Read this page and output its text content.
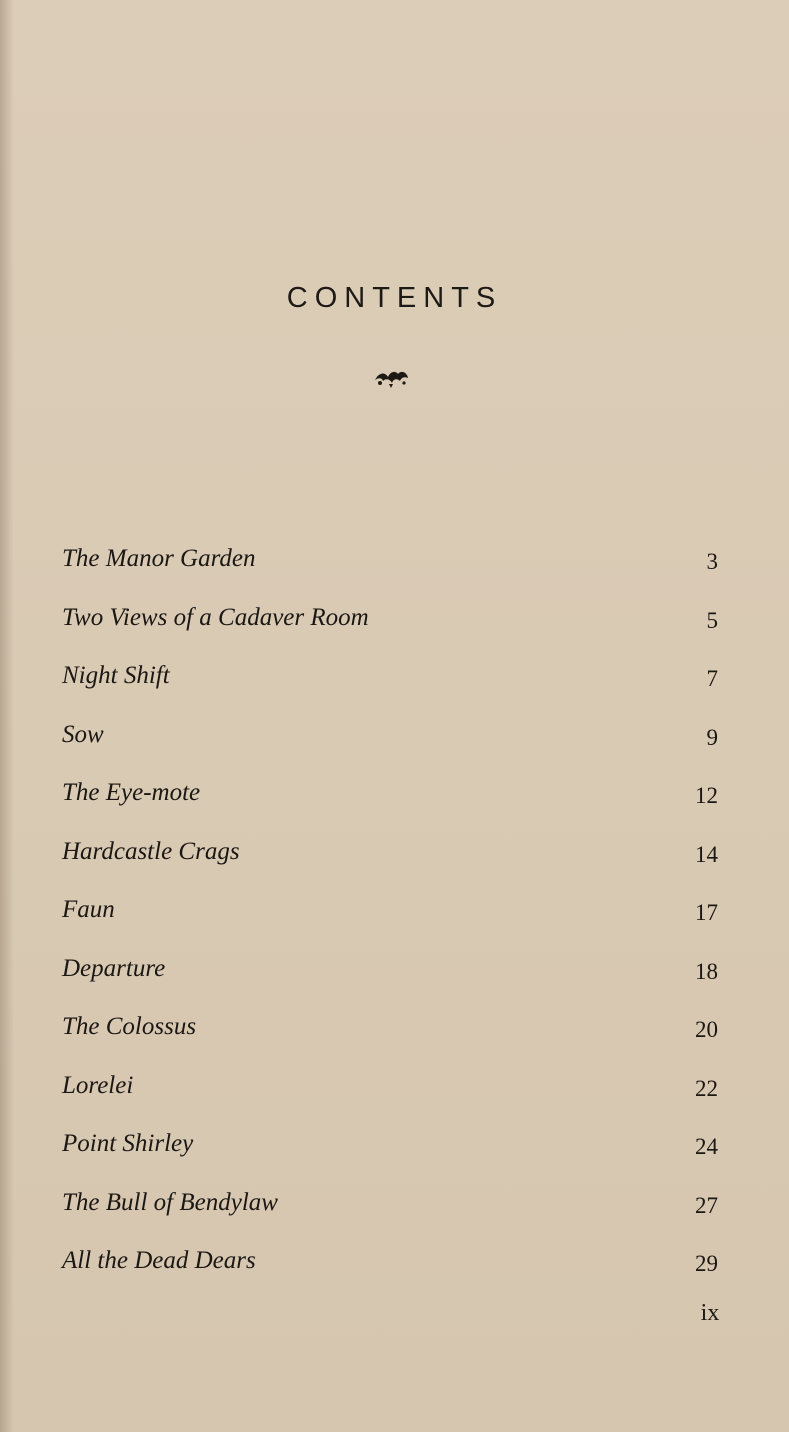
CONTENTS
The Manor Garden	3
Two Views of a Cadaver Room	5
Night Shift	7
Sow	9
The Eye-mote	12
Hardcastle Crags	14
Faun	17
Departure	18
The Colossus	20
Lorelei	22
Point Shirley	24
The Bull of Bendylaw	27
All the Dead Dears	29
ix
